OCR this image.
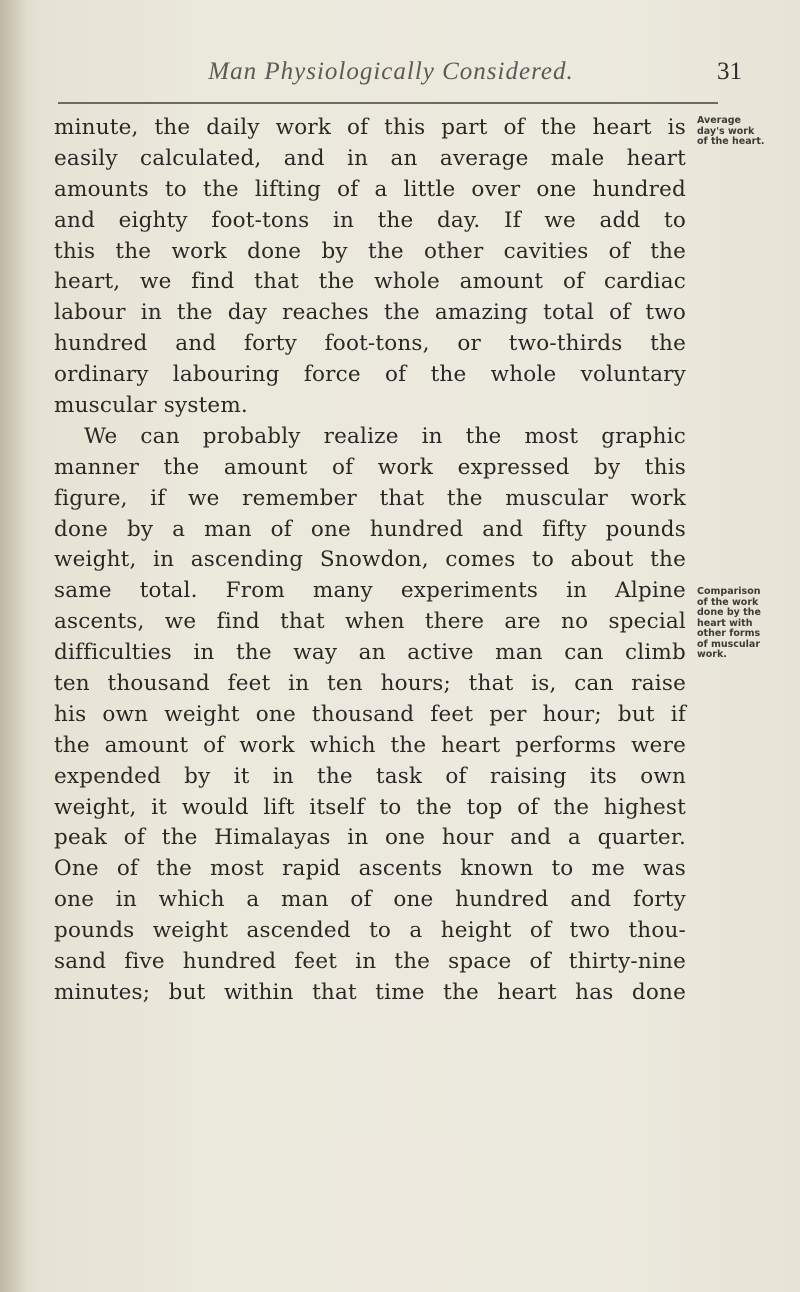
Man Physiologically Considered.	31
minute, the daily work of this part of the heart is
easily calculated, and in an average male heart
amounts to the lifting of a little over one hundred
and eighty foot-tons in the day. If we add to
this the work done by the other cavities of the
heart, we find that the whole amount of cardiac
labour in the day reaches the amazing total of two
hundred and forty foot-tons, or two-thirds the
ordinary labouring force of the whole voluntary
muscular system.
We can probably realize in the most graphic
manner the amount of work expressed by this
figure, if we remember that the muscular work
done by a man of one hundred and fifty pounds
weight, in ascending Snowdon, comes to about the
same total. From many experiments in Alpine
ascents, we find that when there are no special
difficulties in the way an active man can climb
ten thousand feet in ten hours; that is, can raise
his own weight one thousand feet per hour; but if
the amount of work which the heart performs were
expended by it in the task of raising its own
weight, it would lift itself to the top of the highest
peak of the Himalayas in one hour and a quarter.
One of the most rapid ascents known to me was
one in which a man of one hundred and forty
pounds weight ascended to a height of two thou-
sand five hundred feet in the space of thirty-nine
minutes; but within that time the heart has done
Average
day's work
of the heart.
Comparison
of the work
done by the
heart with
other forms
of muscular
work.
